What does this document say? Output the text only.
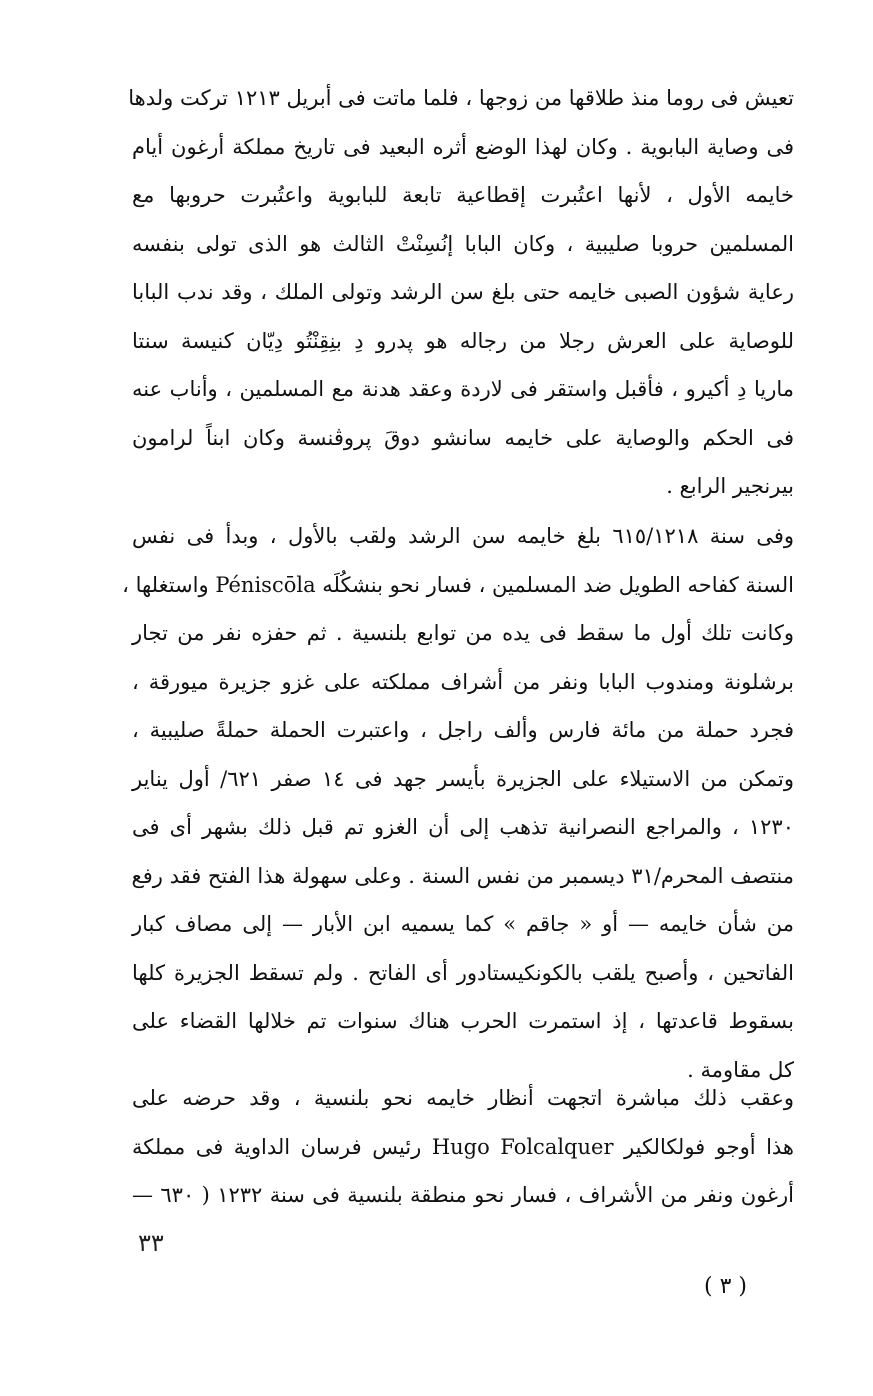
تعيش فى روما منذ طلاقها من زوجها ، فلما ماتت فى أبريل ١٢١٣ تركت ولدها
فى وصاية البابوية . وكان لهذا الوضع أثره البعيد فى تاريخ مملكة أرغون أيام
خايمه الأول ، لأنها اعتُبرت إقطاعية تابعة للبابوية واعتُبرت حروبها مع
المسلمين حروبا صليبية ، وكان البابا إنُسِنْتْ الثالث هو الذى تولى بنفسه
رعاية شؤون الصبى خايمه حتى بلغ سن الرشد وتولى الملك ، وقد ندب البابا
للوصاية على العرش رجلا من رجاله هو پدرو دِ بنِقِنْتُو دِيّان كنيسة سنتا
ماريا دِ أكيرو ، فأقبل واستقر فى لاردة وعقد هدنة مع المسلمين ، وأناب عنه
فى الحكم والوصاية على خايمه سانشو دوقَ پروڤنسة وكان ابناً لرامون
بيرنجير الرابع .
وفى سنة ٦١٥/١٢١٨ بلغ خايمه سن الرشد ولقب بالأول ، وبدأ فى نفس
السنة كفاحه الطويل ضد المسلمين ، فسار نحو بنشكُلَه Péniscōla واستغلها ،
وكانت تلك أول ما سقط فى يده من توابع بلنسية . ثم حفزه نفر من تجار
برشلونة ومندوب البابا ونفر من أشراف مملكته على غزو جزيرة ميورقة ،
فجرد حملة من مائة فارس وألف راجل ، واعتبرت الحملة حملةً صليبية ،
وتمكن من الاستيلاء على الجزيرة بأيسر جهد فى ١٤ صفر ٦٢١/ أول يناير
١٢٣٠ ، والمراجع النصرانية تذهب إلى أن الغزو تم قبل ذلك بشهر أى فى
منتصف المحرم/٣١ ديسمبر من نفس السنة . وعلى سهولة هذا الفتح فقد رفع
من شأن خايمه — أو « جاقم » كما يسميه ابن الأبار — إلى مصاف كبار
الفاتحين ، وأصبح يلقب بالكونكيستادور أى الفاتح . ولم تسقط الجزيرة كلها
بسقوط قاعدتها ، إذ استمرت الحرب هناك سنوات تم خلالها القضاء على
كل مقاومة .
وعقب ذلك مباشرة اتجهت أنظار خايمه نحو بلنسية ، وقد حرضه على
هذا أوجو فولكالكير Hugo Folcalquer رئيس فرسان الداوية فى مملكة
أرغون ونفر من الأشراف ، فسار نحو منطقة بلنسية فى سنة ١٢٣٢ ( ٦٣٠ —
٣٣
( ٣ )
